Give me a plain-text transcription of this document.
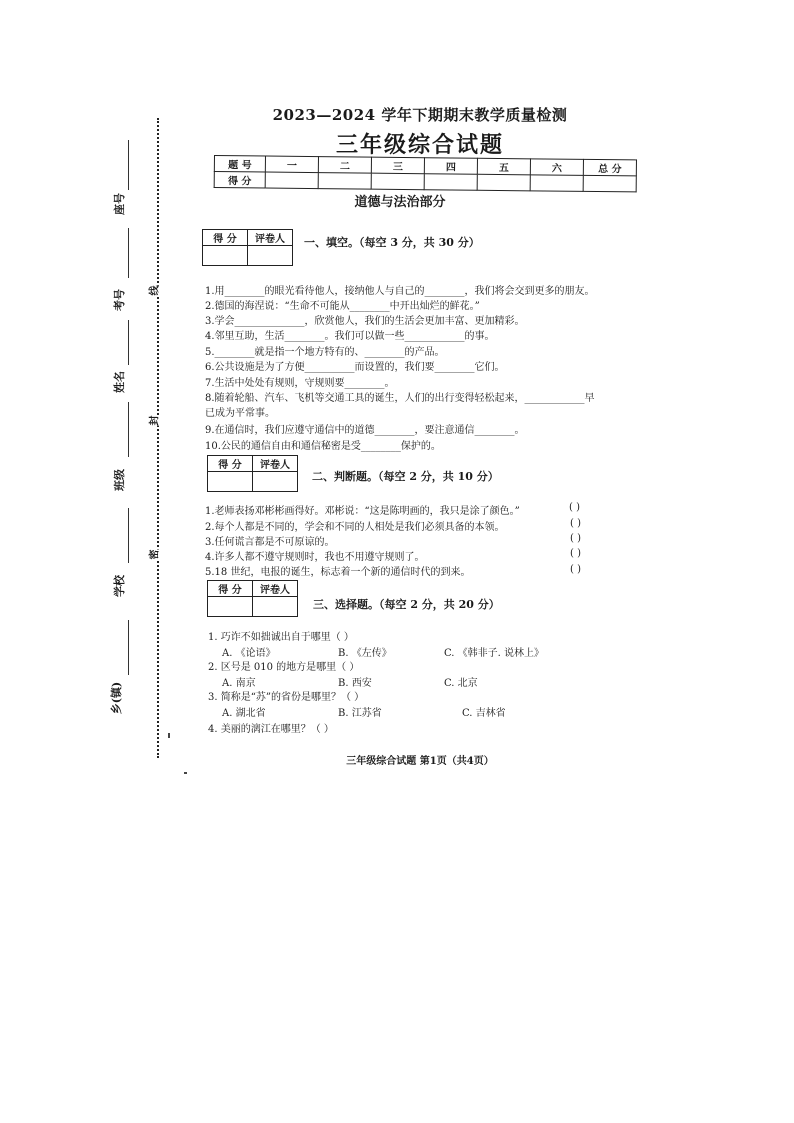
座号
考号
姓名
班级
学校
乡(镇)
线
封
密
2023—2024 学年下期期末教学质量检测
三年级综合试题
题 号	一	二	三	四	五	六	总 分
得 分							
道德与法治部分
得 分	评卷人
	一、填空。（每空 3 分，共 30 分）
1.用________的眼光看待他人，接纳他人与自己的________，我们将会交到更多的朋友。
2.德国的海涅说：“生命不可能从________中开出灿烂的鲜花。”
3.学会______________，欣赏他人，我们的生活会更加丰富、更加精彩。
4.邻里互助，生活________。我们可以做一些____________的事。
5.________就是指一个地方特有的、________的产品。
6.公共设施是为了方便__________而设置的，我们要________它们。
7.生活中处处有规则，守规则要________。
8.随着轮船、汽车、飞机等交通工具的诞生，人们的出行变得轻松起来，____________早
已成为平常事。
9.在通信时，我们应遵守通信中的道德________，要注意通信________。
10.公民的通信自由和通信秘密是受________保护的。
得 分	评卷人

二、判断题。（每空 2 分，共 10 分）
1.老师表扬邓彬彬画得好。邓彬说：“这是陈明画的，我只是涂了颜色。”
2.每个人都是不同的，学会和不同的人相处是我们必须具备的本领。
3.任何谎言都是不可原谅的。
4.许多人都不遵守规则时，我也不用遵守规则了。
5.18 世纪，电报的诞生，标志着一个新的通信时代的到来。
( )
( )
( )
( )
( )
得 分	评卷人

三、选择题。（每空 2 分，共 20 分）
1. 巧诈不如拙诚出自于哪里（ ）
A. 《论语》	B. 《左传》	C. 《韩非子. 说林上》
2. 区号是 010 的地方是哪里（ ）
A. 南京	B. 西安	C. 北京
3. 简称是“苏”的省份是哪里？（ ）
A. 湖北省	B. 江苏省	C. 吉林省
4. 美丽的漓江在哪里？（ ）
三年级综合试题 第1页（共4页）
